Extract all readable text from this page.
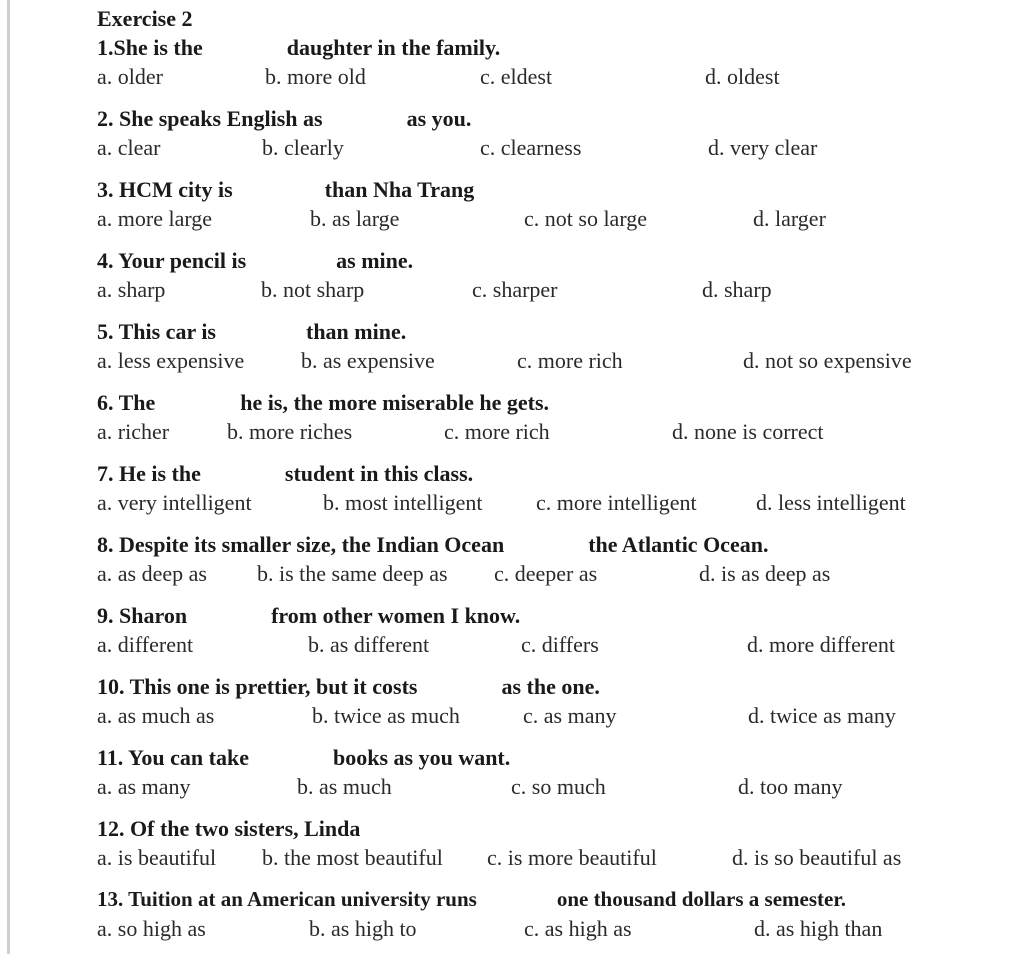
Exercise 2
1.She is the	daughter in the family.
a. older	b. more old	c. eldest	d. oldest
2. She speaks English as	as you.
a. clear	b. clearly	c. clearness	d. very clear
3. HCM city is	than Nha Trang
a. more large	b. as large	c. not so large	d. larger
4. Your pencil is	as mine.
a. sharp	b. not sharp	c. sharper	d. sharp
5. This car is	than mine.
a. less expensive	b. as expensive	c. more rich	d. not so expensive
6. The	he is, the more miserable he gets.
a. richer	b. more riches	c. more rich	d. none is correct
7. He is the	student in this class.
a. very intelligent	b. most intelligent c. more intelligent	d. less intelligent
8. Despite its smaller size, the Indian Ocean	the Atlantic Ocean.
a. as deep as b. is the same deep as c. deeper as	d. is as deep as
9. Sharon	from other women I know.
a. different	b. as different	c. differs	d. more different
10. This one is prettier, but it costs	as the one.
a. as much as	b. twice as much	c. as many	d. twice as many
11. You can take	books as you want.
a. as many	b. as much	c. so much	d. too many
12. Of the two sisters, Linda
a. is beautiful b. the most beautiful c. is more beautiful	d. is so beautiful as
13. Tuition at an American university runs	one thousand dollars a semester.
a. so high as	b. as high to	c. as high as	d. as high than
